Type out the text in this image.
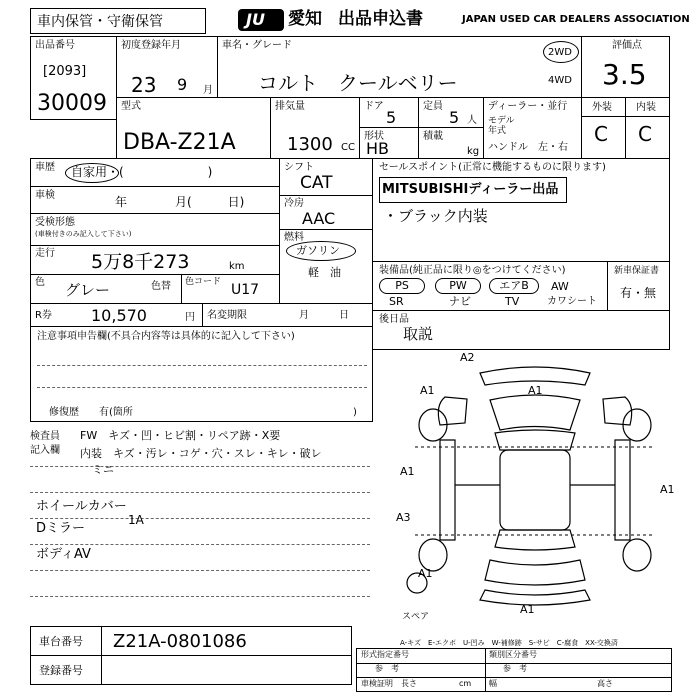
車内保管・守衛保管	JU 愛知 出品申込書	JAPAN USED CAR DEALERS ASSOCIATION
出品番号
[2093]
30009
初度登録年月
23 9 月
車名・グレード
コルト　クールベリー
2WD
4WD
評価点
3.5
型式
DBA-Z21A
排気量
1300 CC
ドア
5
定員
5 人
形状
HB
積載
kg
ディーラー・並行
モデル
年式
ハンドル　左・右
外装 内装
C C
車歴 自家用・(　　　　　　　)
車検	年　　　　月(　　　日)
受検形態
(車検付きのみ記入して下さい)
走行 5万8千273	km
色 グレー	色替 色コード U17
シフト
CAT
冷房
AAC
燃料
ガソリン
軽　油
R券 10,570	円 名変期限	月　　　日
セールスポイント(正常に機能するものに限ります)
MITSUBISHIディーラー出品
・ブラック内装
装備品(純正品に限り◎をつけてください)
PS	PW	エアB	AW
SR	ナビ	TV	カワシート
新車保証書
有・無
後日品
取説
注意事項申告欄(不具合内容等は具体的に記入して下さい)
修復歴　　有(箇所	)
検査員
記入欄
FW　キズ・凹・ヒビ割・リペア跡・X要
内装　キズ・汚レ・コゲ・穴・スレ・キレ・破レ
ミニ
ホイールカバー
Dミラー
ボディAV
1A
A2
A1	A1
A1
A3
A1
A1
A1
スペア
A-キズ　E-エクボ　U-凹み　W-補修跡　S-サビ　C-腐食　XX-交換済
車台番号 Z21A-0801086
登録番号
形式指定番号	類別区分番号
参　考	参　考
車検証明 長さ	cm 幅	高さ
